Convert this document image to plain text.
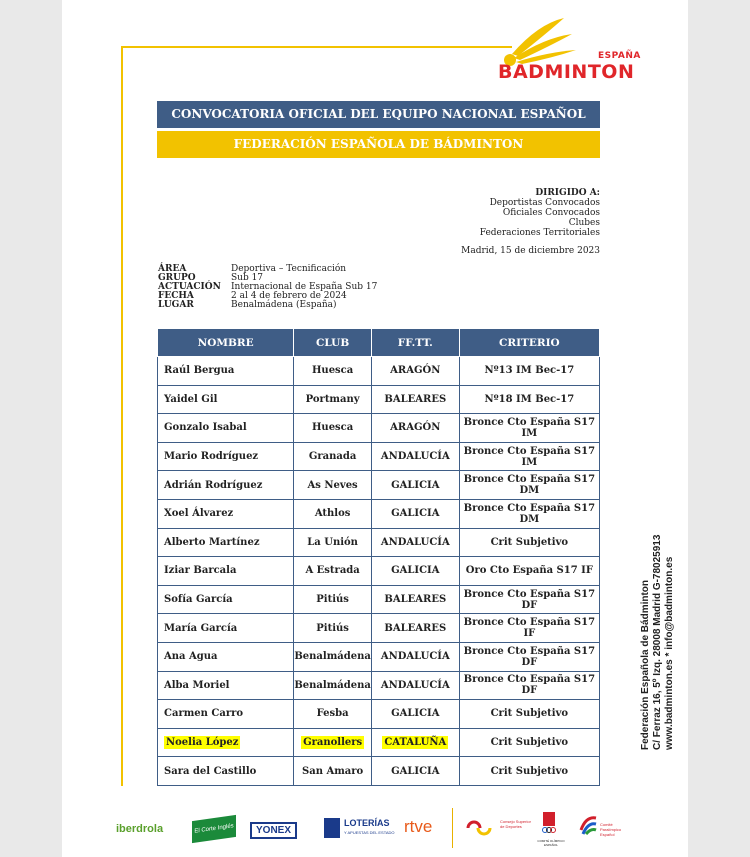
ESPAÑA
BADMINTON
CONVOCATORIA OFICIAL DEL EQUIPO NACIONAL ESPAÑOL
FEDERACIÓN ESPAÑOLA DE BÁDMINTON
DIRIGIDO A:
Deportistas Convocados
Oficiales Convocados
Clubes
Federaciones Territoriales
Madrid, 15 de diciembre 2023
ÁREA	Deportiva – Tecnificación
GRUPO	Sub 17
ACTUACIÓN	Internacional de España Sub 17
FECHA	2 al 4 de febrero de 2024
LUGAR	Benalmádena (España)
NOMBRE	CLUB	FF.TT.	CRITERIO
Raúl Bergua	Huesca	ARAGÓN	Nº13 IM Bec-17
Yaidel Gil	Portmany	BALEARES	Nº18 IM Bec-17
Gonzalo Isabal	Huesca	ARAGÓN	Bronce Cto España S17 IM
Mario Rodríguez	Granada	ANDALUCÍA	Bronce Cto España S17 IM
Adrián Rodríguez	As Neves	GALICIA	Bronce Cto España S17 DM
Xoel Álvarez	Athlos	GALICIA	Bronce Cto España S17 DM
Alberto Martínez	La Unión	ANDALUCÍA	Crit Subjetivo
Iziar Barcala	A Estrada	GALICIA	Oro Cto España S17 IF
Sofía García	Pitiús	BALEARES	Bronce Cto España S17 DF
María García	Pitiús	BALEARES	Bronce Cto España S17 IF
Ana Agua	Benalmádena	ANDALUCÍA	Bronce Cto España S17 DF
Alba Moriel	Benalmádena	ANDALUCÍA	Bronce Cto España S17 DF
Carmen Carro	Fesba	GALICIA	Crit Subjetivo
Noelia López	Granollers	CATALUÑA	Crit Subjetivo
Sara del Castillo	San Amaro	GALICIA	Crit Subjetivo
Federación Española de Bádminton C/ Ferraz 16, 5º Izq. 28008 Madrid G-78025913 www.badminton.es * info@badminton.es
iberdrola	El Corte Inglés	YONEX
LOTERÍAS
Y APUESTAS DEL ESTADO rtve	Consejo Superior de Deportes
COMITÉ OLÍMPICO ESPAÑOL
Comité Paralímpico Español
